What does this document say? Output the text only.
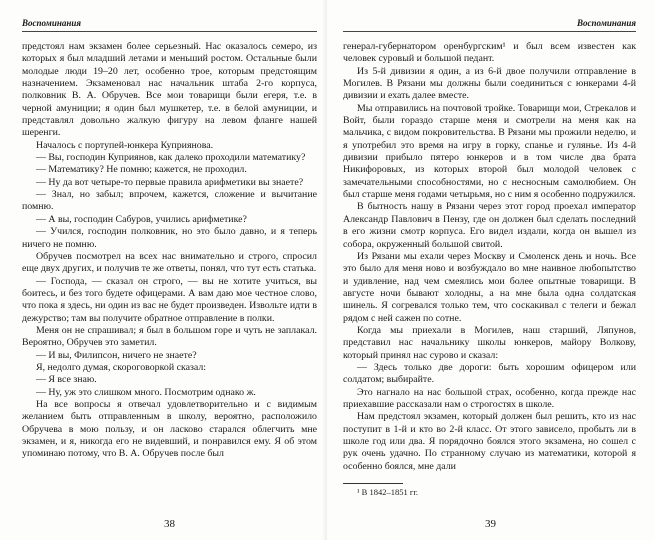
Воспоминания

предстоял нам экзамен более серьезный. Нас оказалось семеро, из которых я был младший летами и меньший ростом. Остальные были молодые люди 19–20 лет, особенно трое, которым предстоящим назначением. Экзаменовал нас начальник штаба 2-го корпуса, полковник В. А. Обручев. Все мои товарищи были егеря, т.е. в черной амуниции; я один был мушкетер, т.е. в белой амуниции, и представлял довольно жалкую фигуру на левом фланге нашей шеренги.

Началось с портупей-юнкера Куприянова.

— Вы, господин Куприянов, как далеко проходили математику?

— Математику? Не помню; кажется, не проходил.

— Ну да вот четыре-то первые правила арифметики вы знаете?

— Знал, но забыл; впрочем, кажется, сложение и вычитание помню.

— А вы, господин Сабуров, учились арифметике?

— Учился, господин полковник, но это было давно, и я теперь ничего не помню.

Обручев посмотрел на всех нас внимательно и строго, спросил еще двух других, и получив те же ответы, понял, что тут есть статька.

— Господа, — сказал он строго, — вы не хотите учиться, вы боитесь, и без того будете офицерами. А вам даю мое честное слово, что пока я здесь, ни один из вас не будет произведен. Извольте идти в дежурство; там вы получите обратное отправление в полки.

Меня он не спрашивал; я был в большом горе и чуть не заплакал. Вероятно, Обручев это заметил.

— И вы, Филипсон, ничего не знаете?

Я, недолго думая, скороговоркой сказал:

— Я все знаю.

— Ну, уж это слишком много. Посмотрим однако ж.

На все вопросы я отвечал удовлетворительно и с видимым желанием быть отправленным в школу, вероятно, расположило Обручева в мою пользу, и он ласково старался облегчить мне экзамен, и я, никогда его не видевший, и понравился ему. Я об этом упоминаю потому, что В. А. Обручев после был

38
Воспоминания

генерал-губернатором оренбургским¹ и был всем известен как человек суровый и большой педант.

Из 5-й дивизии я один, а из 6-й двое получили отправление в Могилев. В Рязани мы должны были соединиться с юнкерами 4-й дивизии и ехать далее вместе.

Мы отправились на почтовой тройке. Товарищи мои, Стрекалов и Войт, были гораздо старше меня и смотрели на меня как на мальчика, с видом покровительства. В Рязани мы прожили неделю, и я употребил это время на игру в горку, спанье и гулянье. Из 4-й дивизии прибыло пятеро юнкеров и в том числе два брата Никифоровых, из которых второй был молодой человек с замечательными способностями, но с несносным самолюбием. Он был старше меня годами четырьмя, но с ним я особенно подружился.

В бытность нашу в Рязани через этот город проехал император Александр Павлович в Пензу, где он должен был сделать последний в его жизни смотр корпуса. Его видел издали, когда он вышел из собора, окруженный большой свитой.

Из Рязани мы ехали через Москву и Смоленск день и ночь. Все это было для меня ново и возбуждало во мне наивное любопытство и удивление, над чем смеялись мои более опытные товарищи. В августе ночи бывают холодны, а на мне была одна солдатская шинель. Я согревался только тем, что соскакивал с телеги и бежал рядом с ней сажен по сотне.

Когда мы приехали в Могилев, наш старший, Ляпунов, представил нас начальнику школы юнкеров, майору Волкову, который принял нас сурово и сказал:

— Здесь только две дороги: быть хорошим офицером или солдатом; выбирайте.

Это нагнало на нас большой страх, особенно, когда прежде нас приехавшие рассказали нам о строгостях в школе.

Нам предстоял экзамен, который должен был решить, кто из нас поступит в 1-й и кто во 2-й класс. От этого зависело, пробыть ли в школе год или два. Я порядочно боялся этого экзамена, но сошел с рук очень удачно. По странному случаю из математики, которой я особенно боялся, мне дали

¹ В 1842–1851 гг.
39
